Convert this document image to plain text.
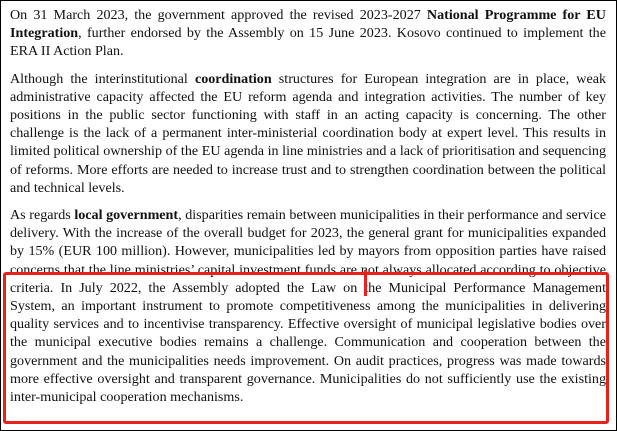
On 31 March 2023, the government approved the revised 2023-2027 National Programme for EU Integration, further endorsed by the Assembly on 15 June 2023. Kosovo continued to implement the ERA II Action Plan.

Although the interinstitutional coordination structures for European integration are in place, weak administrative capacity affected the EU reform agenda and integration activities. The number of key positions in the public sector functioning with staff in an acting capacity is concerning. The other challenge is the lack of a permanent inter-ministerial coordination body at expert level. This results in limited political ownership of the EU agenda in line ministries and a lack of prioritisation and sequencing of reforms. More efforts are needed to increase trust and to strengthen coordination between the political and technical levels.

As regards local government, disparities remain between municipalities in their performance and service delivery. With the increase of the overall budget for 2023, the general grant for municipalities expanded by 15% (EUR 100 million). However, municipalities led by mayors from opposition parties have raised concerns that the line ministries’ capital investment funds are not always allocated according to objective criteria. In July 2022, the Assembly adopted the Law on the Municipal Performance Management System, an important instrument to promote competitiveness among the municipalities in delivering quality services and to incentivise transparency. Effective oversight of municipal legislative bodies over the municipal executive bodies remains a challenge. Communication and cooperation between the government and the municipalities needs improvement. On audit practices, progress was made towards more effective oversight and transparent governance. Municipalities do not sufficiently use the existing inter-municipal cooperation mechanisms.
